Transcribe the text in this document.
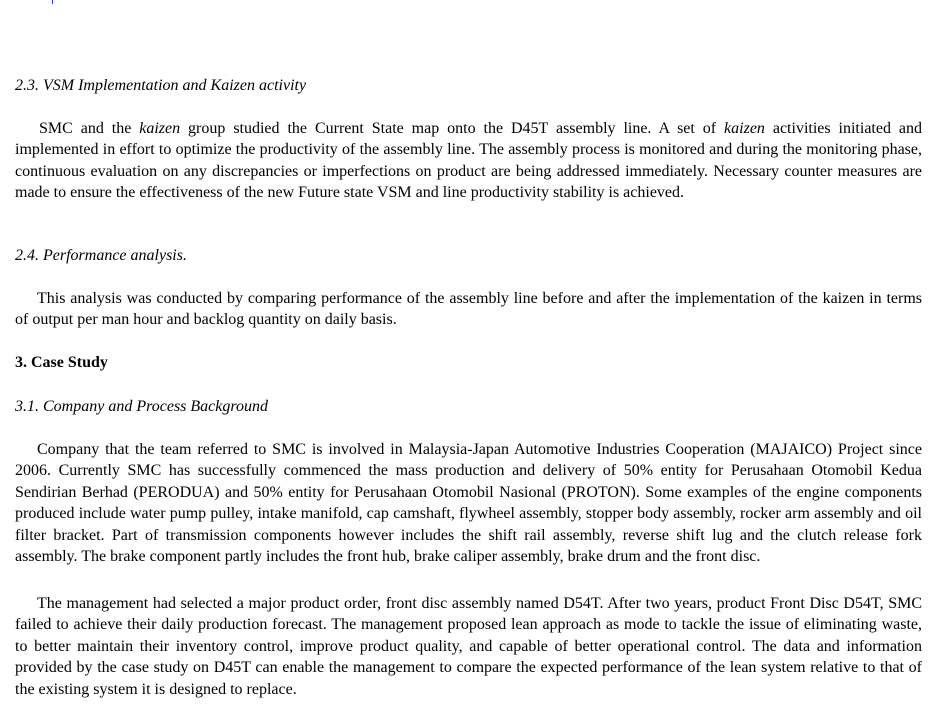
2.3. VSM Implementation and Kaizen activity

SMC and the kaizen group studied the Current State map onto the D45T assembly line. A set of kaizen activities initiated and implemented in effort to optimize the productivity of the assembly line. The assembly process is monitored and during the monitoring phase, continuous evaluation on any discrepancies or imperfections on product are being addressed immediately. Necessary counter measures are made to ensure the effectiveness of the new Future state VSM and line productivity stability is achieved.

2.4. Performance analysis.

This analysis was conducted by comparing performance of the assembly line before and after the implementation of the kaizen in terms of output per man hour and backlog quantity on daily basis.

3. Case Study
3.1. Company and Process Background

Company that the team referred to SMC is involved in Malaysia-Japan Automotive Industries Cooperation (MAJAICO) Project since 2006. Currently SMC has successfully commenced the mass production and delivery of 50% entity for Perusahaan Otomobil Kedua Sendirian Berhad (PERODUA) and 50% entity for Perusahaan Otomobil Nasional (PROTON). Some examples of the engine components produced include water pump pulley, intake manifold, cap camshaft, flywheel assembly, stopper body assembly, rocker arm assembly and oil filter bracket. Part of transmission components however includes the shift rail assembly, reverse shift lug and the clutch release fork assembly. The brake component partly includes the front hub, brake caliper assembly, brake drum and the front disc.

The management had selected a major product order, front disc assembly named D54T. After two years, product Front Disc D54T, SMC failed to achieve their daily production forecast. The management proposed lean approach as mode to tackle the issue of eliminating waste, to better maintain their inventory control, improve product quality, and capable of better operational control. The data and information provided by the case study on D45T can enable the management to compare the expected performance of the lean system relative to that of the existing system it is designed to replace.
